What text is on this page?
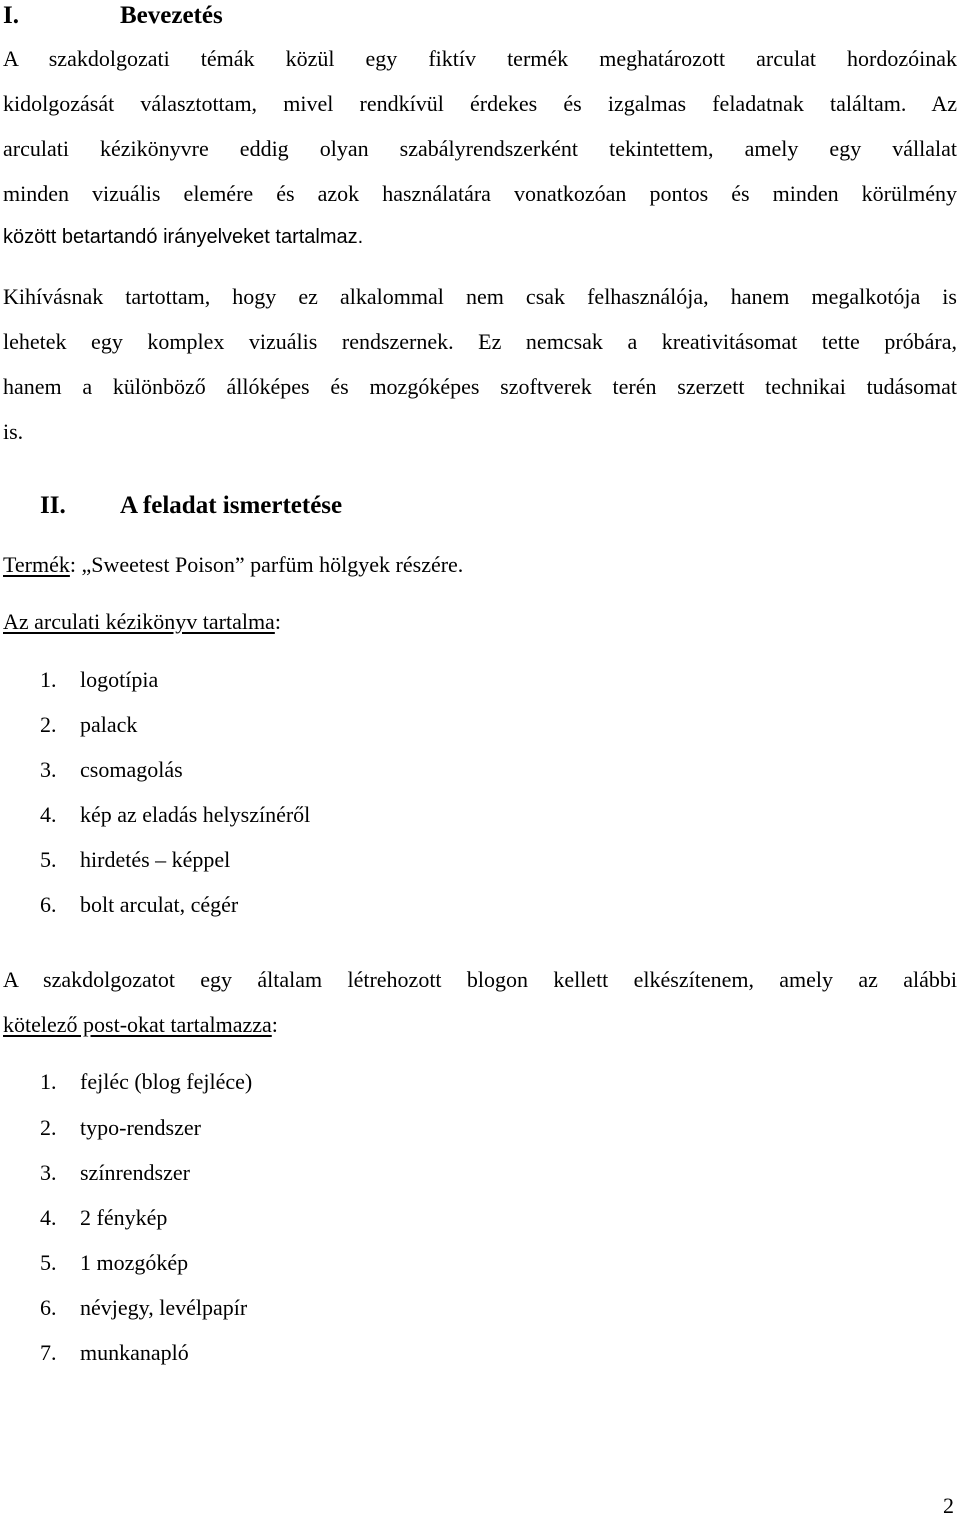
I.	Bevezetés
A szakdolgozati témák közül egy fiktív termék meghatározott arculat hordozóinak
kidolgozását választottam, mivel rendkívül érdekes és izgalmas feladatnak találtam. Az
arculati kézikönyvre eddig olyan szabályrendszerként tekintettem, amely egy vállalat
minden vizuális elemére és azok használatára vonatkozóan pontos és minden körülmény
között betartandó irányelveket tartalmaz.
Kihívásnak tartottam, hogy ez alkalommal nem csak felhasználója, hanem megalkotója is
lehetek egy komplex vizuális rendszernek. Ez nemcsak a kreativitásomat tette próbára,
hanem a különböző állóképes és mozgóképes szoftverek terén szerzett technikai tudásomat
is.
II. A feladat ismertetése
Termék: „Sweetest Poison” parfüm hölgyek részére.
Az arculati kézikönyv tartalma:
1. logotípia
2. palack
3. csomagolás
4. kép az eladás helyszínéről
5. hirdetés – képpel
6. bolt arculat, cégér
A szakdolgozatot egy általam létrehozott blogon kellett elkészítenem, amely az alábbi
kötelező post-okat tartalmazza:
1. fejléc (blog fejléce)
2. typo-rendszer
3. színrendszer
4. 2 fénykép
5. 1 mozgókép
6. névjegy, levélpapír
7. munkanapló
2
